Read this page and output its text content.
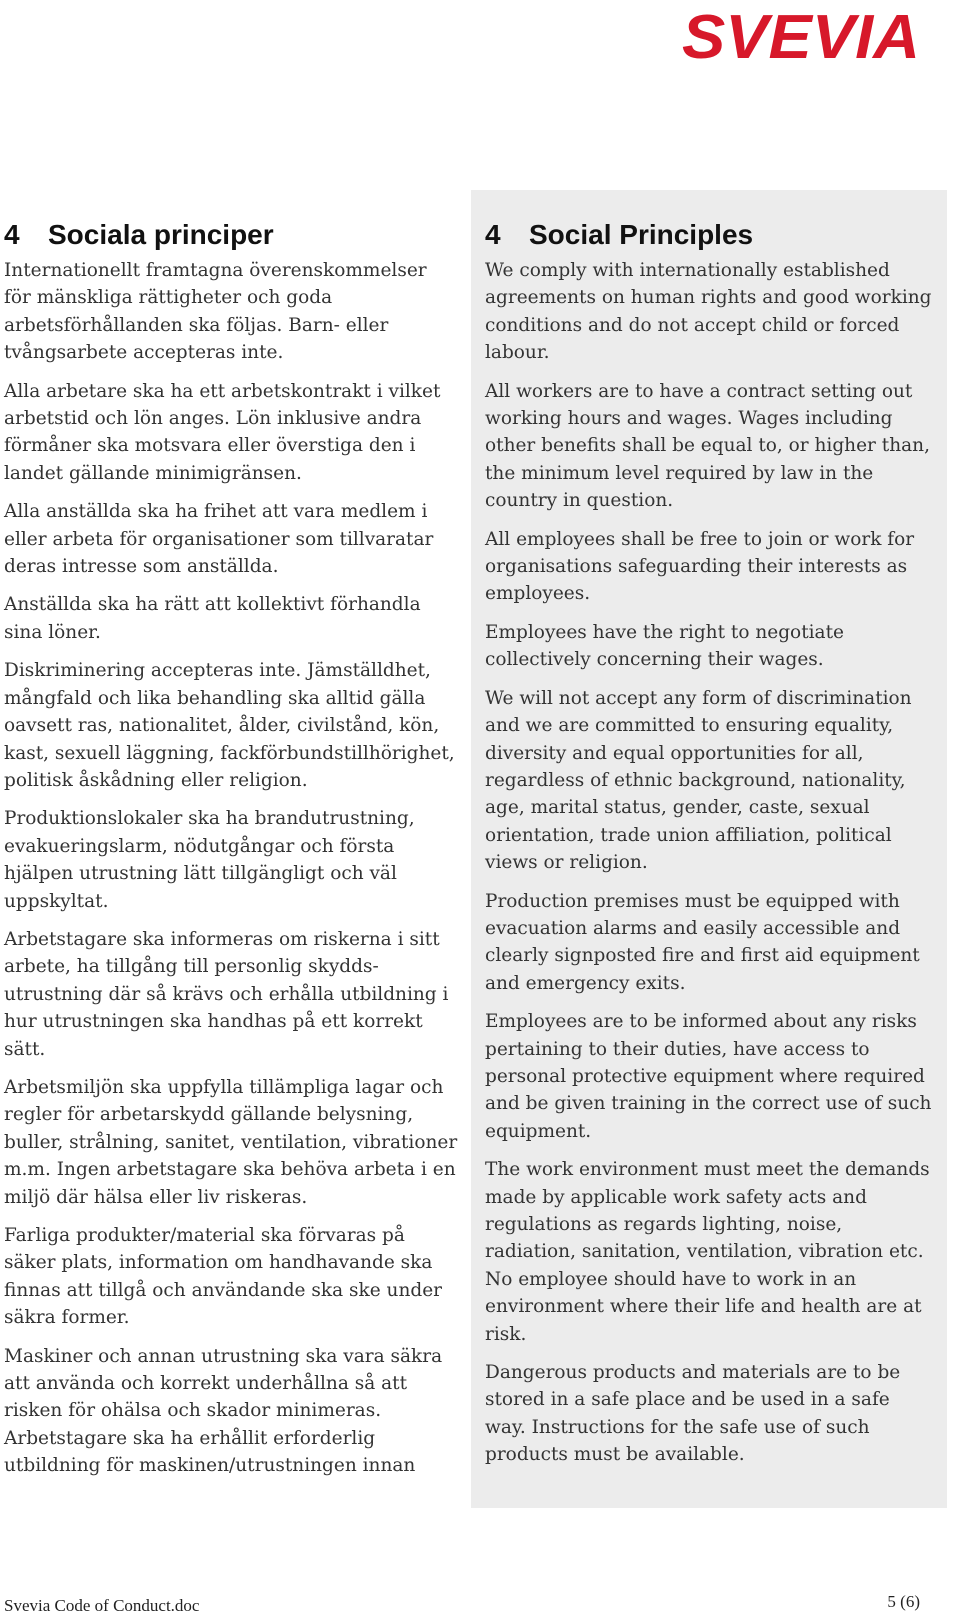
SVEVIA
4 Sociala principer

Internationellt framtagna överenskommelser för mänskliga rättigheter och goda arbetsförhållanden ska följas. Barn- eller tvångsarbete accepteras inte.

Alla arbetare ska ha ett arbetskontrakt i vilket arbetstid och lön anges. Lön inklusive andra förmåner ska motsvara eller överstiga den i landet gällande minimigränsen.

Alla anställda ska ha frihet att vara medlem i eller arbeta för organisationer som tillvaratar deras intresse som anställda.

Anställda ska ha rätt att kollektivt förhandla sina löner.

Diskriminering accepteras inte. Jämställdhet, mångfald och lika behandling ska alltid gälla oavsett ras, nationalitet, ålder, civilstånd, kön, kast, sexuell läggning, fackförbundstillhörighet, politisk åskådning eller religion.

Produktionslokaler ska ha brandutrustning, evakueringslarm, nödutgångar och första hjälpen utrustning lätt tillgängligt och väl uppskyltat.

Arbetstagare ska informeras om riskerna i sitt arbete, ha tillgång till personlig skydds-utrustning där så krävs och erhålla utbildning i hur utrustningen ska handhas på ett korrekt sätt.

Arbetsmiljön ska uppfylla tillämpliga lagar och regler för arbetarskydd gällande belysning, buller, strålning, sanitet, ventilation, vibrationer m.m. Ingen arbetstagare ska behöva arbeta i en miljö där hälsa eller liv riskeras.

Farliga produkter/material ska förvaras på säker plats, information om handhavande ska finnas att tillgå och användande ska ske under säkra former.

Maskiner och annan utrustning ska vara säkra att använda och korrekt underhållna så att risken för ohälsa och skador minimeras. Arbetstagare ska ha erhållit erforderlig utbildning för maskinen/utrustningen innan

4 Social Principles

We comply with internationally established agreements on human rights and good working conditions and do not accept child or forced labour.

All workers are to have a contract setting out working hours and wages. Wages including other benefits shall be equal to, or higher than, the minimum level required by law in the country in question.

All employees shall be free to join or work for organisations safeguarding their interests as employees.

Employees have the right to negotiate collectively concerning their wages.

We will not accept any form of discrimination and we are committed to ensuring equality, diversity and equal opportunities for all, regardless of ethnic background, nationality, age, marital status, gender, caste, sexual orientation, trade union affiliation, political views or religion.

Production premises must be equipped with evacuation alarms and easily accessible and clearly signposted fire and first aid equipment and emergency exits.

Employees are to be informed about any risks pertaining to their duties, have access to personal protective equipment where required and be given training in the correct use of such equipment.

The work environment must meet the demands made by applicable work safety acts and regulations as regards lighting, noise, radiation, sanitation, ventilation, vibration etc. No employee should have to work in an environment where their life and health are at risk.

Dangerous products and materials are to be stored in a safe place and be used in a safe way. Instructions for the safe use of such products must be available.

Svevia Code of Conduct.doc	5 (6)
